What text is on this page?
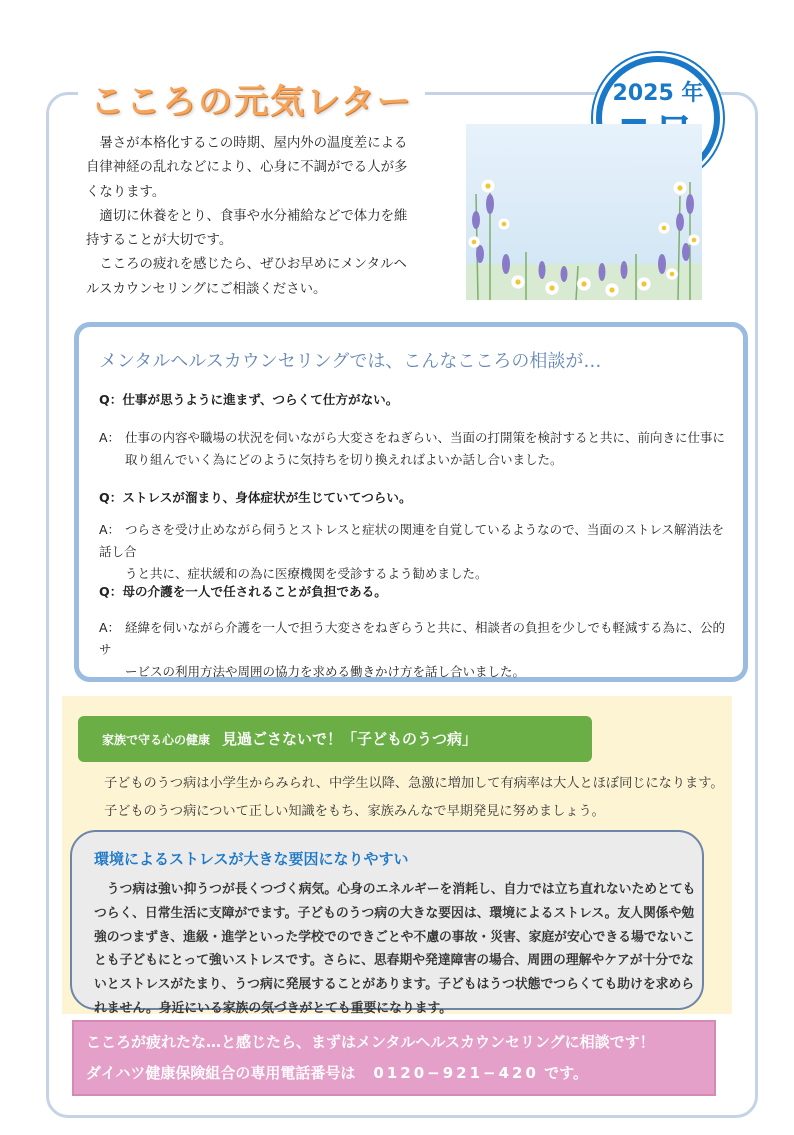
こころの元気レター	2025 年

暑さが本格化するこの時期、屋内外の温度差による自律神経の乱れなどにより、心身に不調がでる人が多くなります。

適切に休養をとり、食事や水分補給などで体力を維持することが大切です。

こころの疲れを感じたら、ぜひお早めにメンタルヘルスカウンセリングにご相談ください。

メンタルヘルスカウンセリングでは、こんなこころの相談が…
Q：仕事が思うように進まず、つらくて仕方がない。
A： 仕事の内容や職場の状況を伺いながら大変さをねぎらい、当面の打開策を検討すると共に、前向きに仕事に
取り組んでいく為にどのように気持ちを切り換えればよいか話し合いました。
Q：ストレスが溜まり、身体症状が生じていてつらい。
A： つらさを受け止めながら伺うとストレスと症状の関連を自覚しているようなので、当面のストレス解消法を話し合
うと共に、症状緩和の為に医療機関を受診するよう勧めました。
Q：母の介護を一人で任されることが負担である。
A： 経緯を伺いながら介護を一人で担う大変さをねぎらうと共に、相談者の負担を少しでも軽減する為に、公的サ
ービスの利用方法や周囲の協力を求める働きかけ方を話し合いました。
家族で守る心の健康 見過ごさないで！「子どものうつ病」
子どものうつ病は小学生からみられ、中学生以降、急激に増加して有病率は大人とほぼ同じになります。
子どものうつ病について正しい知識をもち、家族みんなで早期発見に努めましょう。
環境によるストレスが大きな要因になりやすい

うつ病は強い抑うつが長くつづく病気。心身のエネルギーを消耗し、自力では立ち直れないためとてもつらく、日常生活に支障がでます。子どものうつ病の大きな要因は、環境によるストレス。友人関係や勉強のつまずき、進級・進学といった学校でのできごとや不慮の事故・災害、家庭が安心できる場でないことも子どもにとって強いストレスです。さらに、思春期や発達障害の場合、周囲の理解やケアが十分でないとストレスがたまり、うつ病に発展することがあります。子どもはうつ状態でつらくても助けを求められません。身近にいる家族の気づきがとても重要になります。

こころが疲れたな…と感じたら、まずはメンタルヘルスカウンセリングに相談です！
ダイハツ健康保険組合の専用電話番号は 0120−921−420 です。
